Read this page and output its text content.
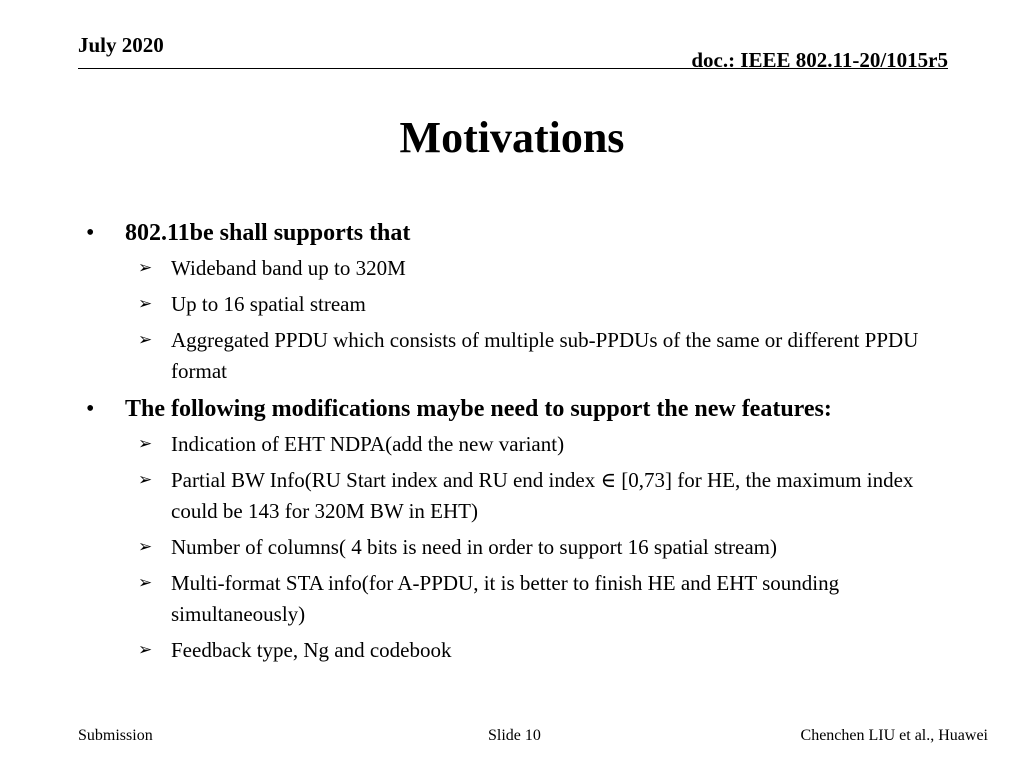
July 2020
doc.: IEEE 802.11-20/1015r5
Motivations
• 802.11be shall supports that
➢ Wideband band up to 320M
➢ Up to 16 spatial stream
➢ Aggregated PPDU which consists of multiple sub-PPDUs of the same or different PPDU format
• The following modifications maybe need to support the new features:
➢ Indication of EHT NDPA(add the new variant)
➢ Partial BW Info(RU Start index and RU end index ∈ [0,73] for HE, the maximum index could be 143 for 320M BW in EHT)
➢ Number of columns( 4 bits is need in order to support 16 spatial stream)
➢ Multi-format STA info(for A-PPDU, it is better to finish HE and EHT sounding simultaneously)
➢ Feedback type, Ng and codebook
Submission	Slide 10	Chenchen LIU et al., Huawei
